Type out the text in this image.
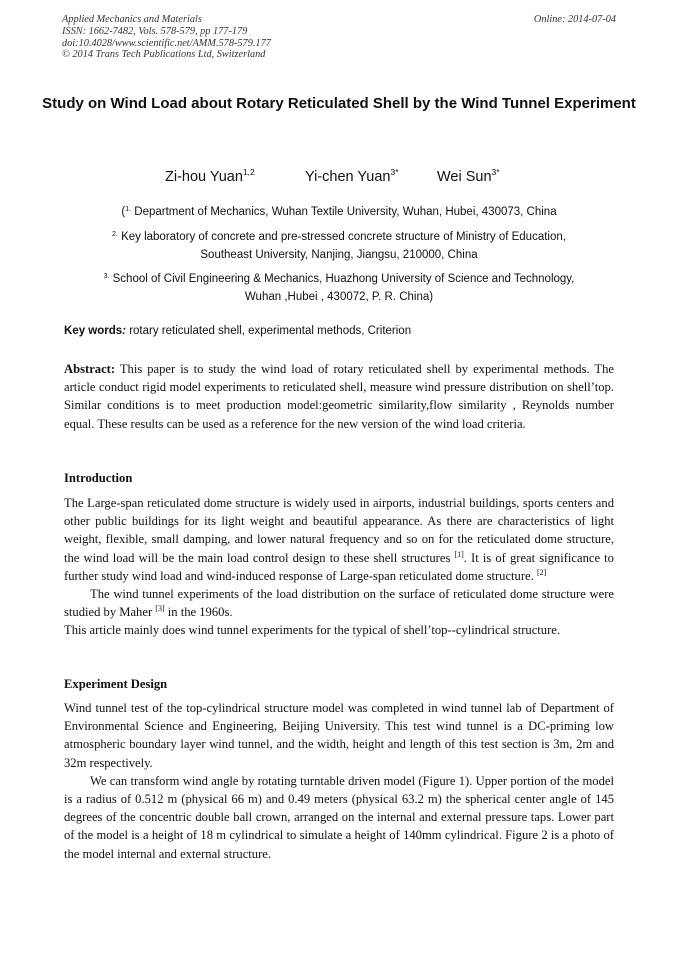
Applied Mechanics and Materials
ISSN: 1662-7482, Vols. 578-579, pp 177-179
doi:10.4028/www.scientific.net/AMM.578-579.177
© 2014 Trans Tech Publications Ltd, Switzerland
Online: 2014-07-04
Study on Wind Load about Rotary Reticulated Shell by the Wind Tunnel Experiment
Zi-hou Yuan$^{1,2}$	Yi-chen Yuan$^{3*}$	Wei Sun$^{3*}$
($^{1.}$ Department of Mechanics, Wuhan Textile University, Wuhan, Hubei, 430073, China
$^{2.}$ Key laboratory of concrete and pre-stressed concrete structure of Ministry of Education,
Southeast University, Nanjing, Jiangsu, 210000, China
$^{3.}$ School of Civil Engineering & Mechanics, Huazhong University of Science and Technology,
Wuhan ,Hubei , 430072, P. R. China)
Key words: rotary reticulated shell, experimental methods, Criterion
Abstract: This paper is to study the wind load of rotary reticulated shell by experimental methods. The article conduct rigid model experiments to reticulated shell, measure wind pressure distribution on shell’top. Similar conditions is to meet production model:geometric similarity,flow similarity , Reynolds number equal. These results can be used as a reference for the new version of the wind load criteria.
Introduction

The Large-span reticulated dome structure is widely used in airports, industrial buildings, sports centers and other public buildings for its light weight and beautiful appearance. As there are characteristics of light weight, flexible, small damping, and lower natural frequency and so on for the reticulated dome structure, the wind load will be the main load control design to these shell structures [1]. It is of great significance to further study wind load and wind-induced response of Large-span reticulated dome structure. [2]

The wind tunnel experiments of the load distribution on the surface of reticulated dome structure were studied by Maher [3] in the 1960s.

This article mainly does wind tunnel experiments for the typical of shell’top--cylindrical structure.

Experiment Design

Wind tunnel test of the top-cylindrical structure model was completed in wind tunnel lab of Department of Environmental Science and Engineering, Beijing University. This test wind tunnel is a DC-priming low atmospheric boundary layer wind tunnel, and the width, height and length of this test section is 3m, 2m and 32m respectively.

We can transform wind angle by rotating turntable driven model (Figure 1). Upper portion of the model is a radius of 0.512 m (physical 66 m) and 0.49 meters (physical 63.2 m) the spherical center angle of 145 degrees of the concentric double ball crown, arranged on the internal and external pressure taps. Lower part of the model is a height of 18 m cylindrical to simulate a height of 140mm cylindrical. Figure 2 is a photo of the model internal and external structure.
